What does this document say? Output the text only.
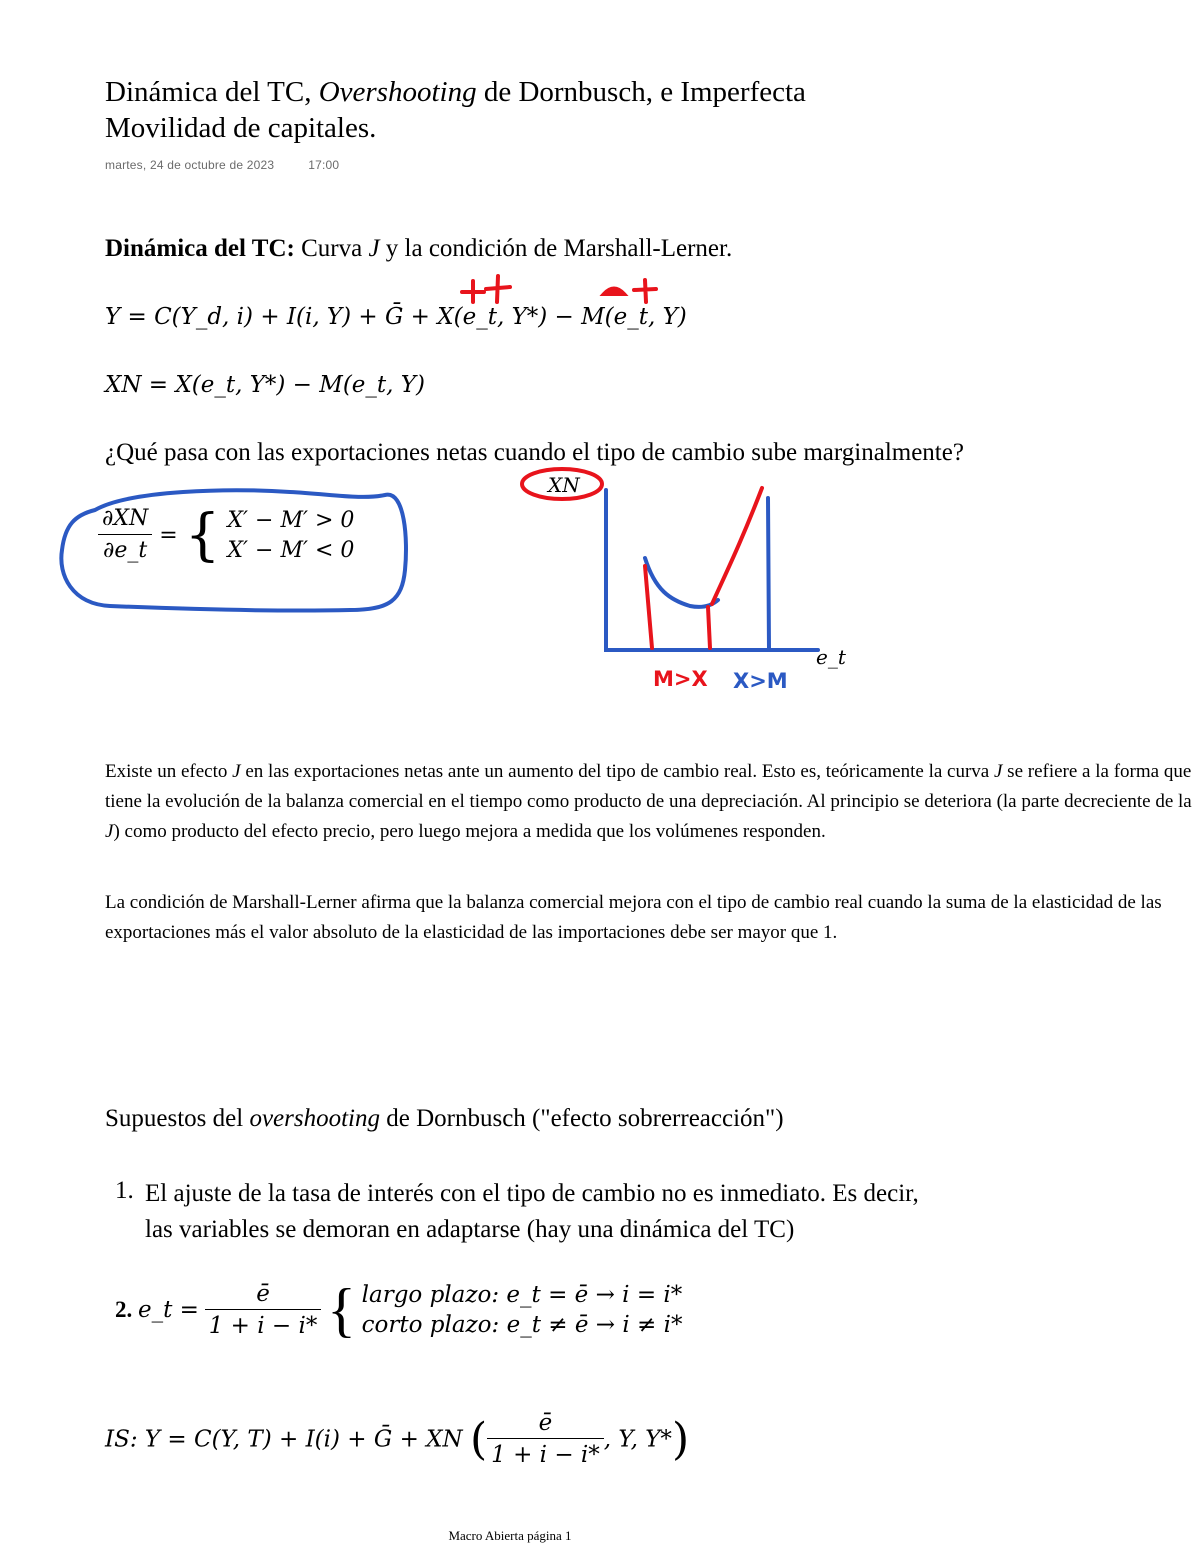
Dinámica del TC, Overshooting de Dornbusch, e Imperfecta
Movilidad de capitales.
martes, 24 de octubre de 2023	17:00
Dinámica del TC: Curva J y la condición de Marshall-Lerner.
Y = C(Y_d, i) + I(i, Y) + Ḡ + X(e_t, Y*) − M(e_t, Y)
XN = X(e_t, Y*) − M(e_t, Y)
¿Qué pasa con las exportaciones netas cuando el tipo de cambio sube marginalmente?
$\frac{\partial XN}{\partial e\_t}$ = { X′ − M′ > 0
X′ − M′ < 0
XN
e_t
M>X X>M
Existe un efecto J en las exportaciones netas ante un aumento del tipo de cambio real. Esto es, teóricamente la curva J se refiere a la forma que tiene la evolución de la balanza comercial en el tiempo como producto de una depreciación. Al principio se deteriora (la parte decreciente de la J) como producto del efecto precio, pero luego mejora a medida que los volúmenes responden.
La condición de Marshall-Lerner afirma que la balanza comercial mejora con el tipo de cambio real cuando la suma de la elasticidad de las exportaciones más el valor absoluto de la elasticidad de las importaciones debe ser mayor que 1.
Supuestos del overshooting de Dornbusch ("efecto sobrerreacción")
1. El ajuste de la tasa de interés con el tipo de cambio no es inmediato. Es decir,
las variables se demoran en adaptarse (hay una dinámica del TC)
2. e_t = $\frac{ē}{1 + i - i*}$ { largo plazo: e_t = ē → i = i*
corto plazo: e_t ≠ ē → i ≠ i*
IS: Y = C(Y, T) + I(i) + Ḡ + XN ( $\frac{ē}{1 + i - i*}$ , Y, Y*)
Macro Abierta página 1
